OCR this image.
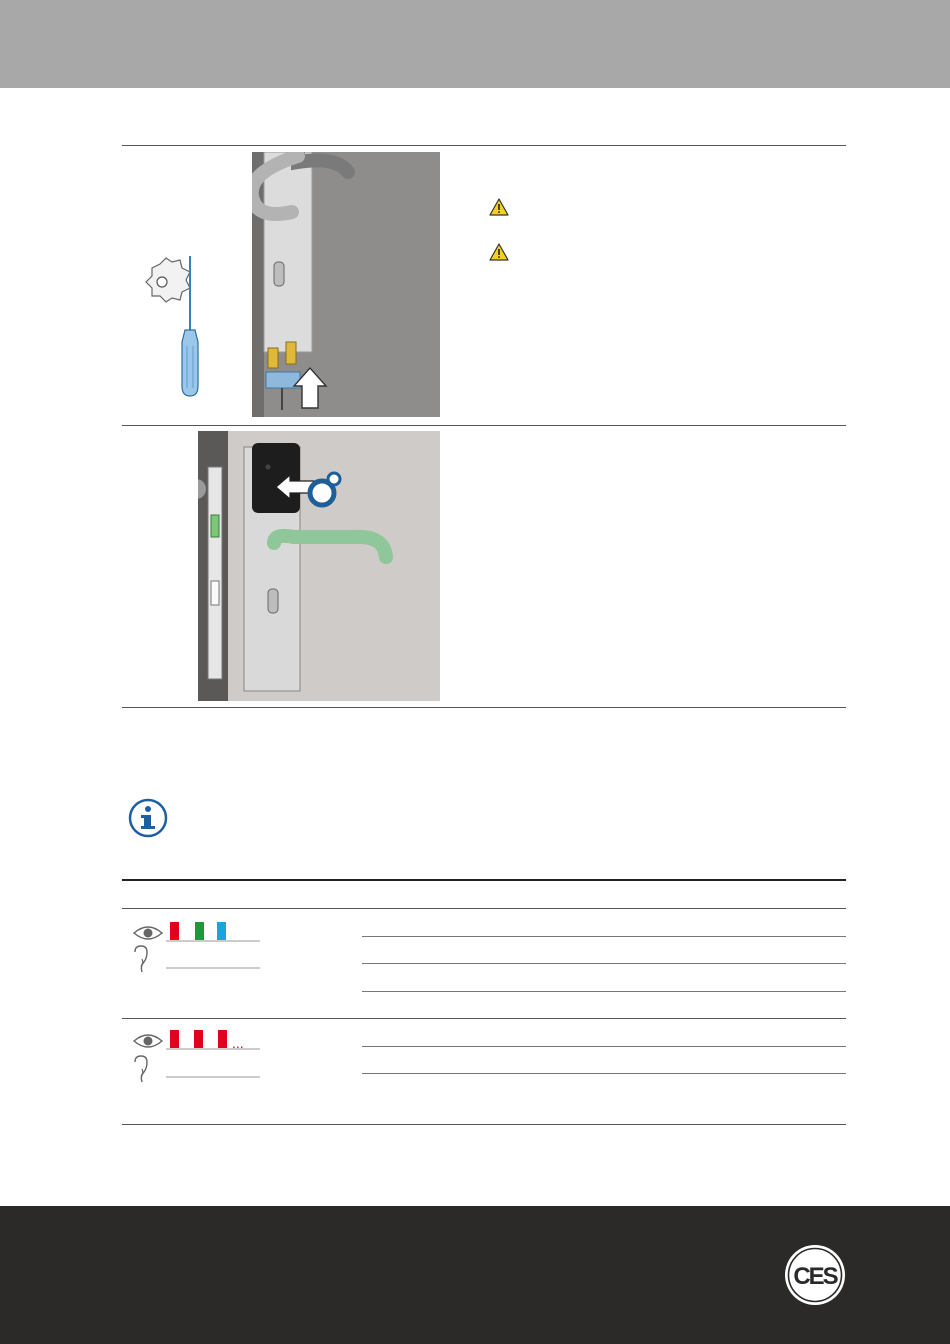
...
CES
